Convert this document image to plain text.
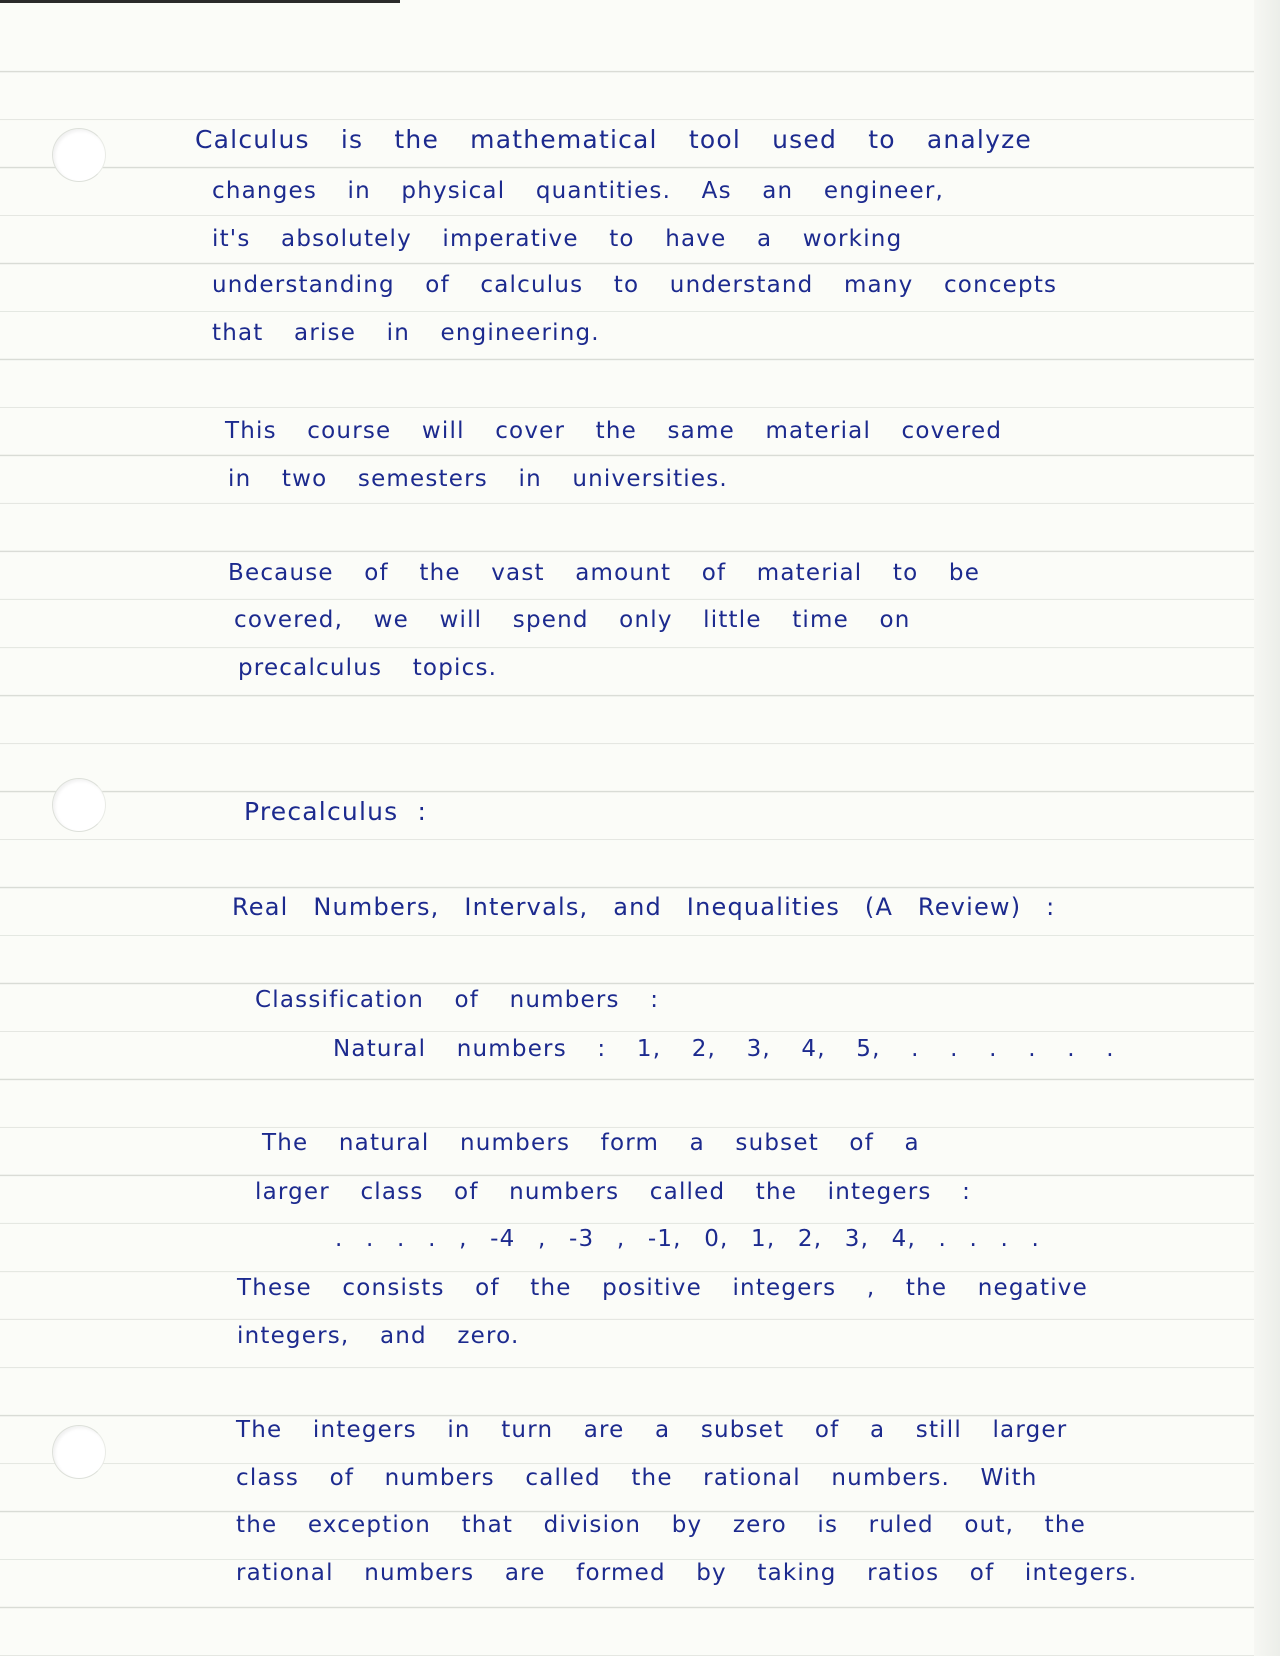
Calculus is the mathematical tool used to analyze
changes in physical quantities. As an engineer,
it's absolutely imperative to have a working
understanding of calculus to understand many concepts
that arise in engineering.
This course will cover the same material covered
in two semesters in universities.
Because of the vast amount of material to be
covered, we will spend only little time on
precalculus topics.
Precalculus :
Real Numbers, Intervals, and Inequalities (A Review) :
Classification of numbers :
Natural numbers : 1, 2, 3, 4, 5, . . . . . .
The natural numbers form a subset of a
larger class of numbers called the integers :
. . . . , -4 , -3 , -1, 0, 1, 2, 3, 4, . . . .
These consists of the positive integers , the negative
integers, and zero.
The integers in turn are a subset of a still larger
class of numbers called the rational numbers. With
the exception that division by zero is ruled out, the
rational numbers are formed by taking ratios of integers.
